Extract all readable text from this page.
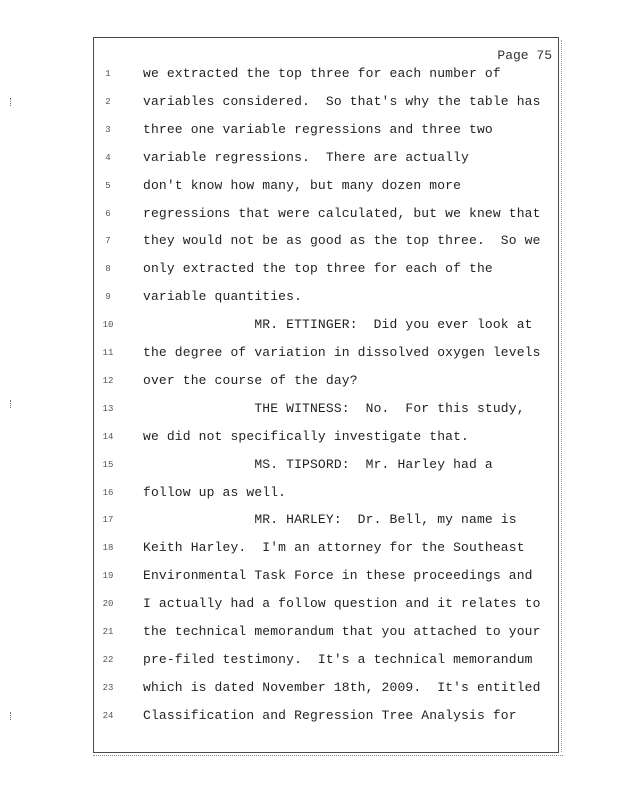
Page 75
1	we extracted the top three for each number of
2	variables considered.  So that's why the table has
3	three one variable regressions and three two
4	variable regressions.  There are actually
5	don't know how many, but many dozen more
6	regressions that were calculated, but we knew that
7	they would not be as good as the top three.  So we
8	only extracted the top three for each of the
9	variable quantities.
10	MR. ETTINGER:  Did you ever look at
11	the degree of variation in dissolved oxygen levels
12	over the course of the day?
13	THE WITNESS:  No.  For this study,
14	we did not specifically investigate that.
15	MS. TIPSORD:  Mr. Harley had a
16	follow up as well.
17	MR. HARLEY:  Dr. Bell, my name is
18	Keith Harley.  I'm an attorney for the Southeast
19	Environmental Task Force in these proceedings and
20	I actually had a follow question and it relates to
21	the technical memorandum that you attached to your
22	pre-filed testimony.  It's a technical memorandum
23	which is dated November 18th, 2009.  It's entitled
24	Classification and Regression Tree Analysis for
